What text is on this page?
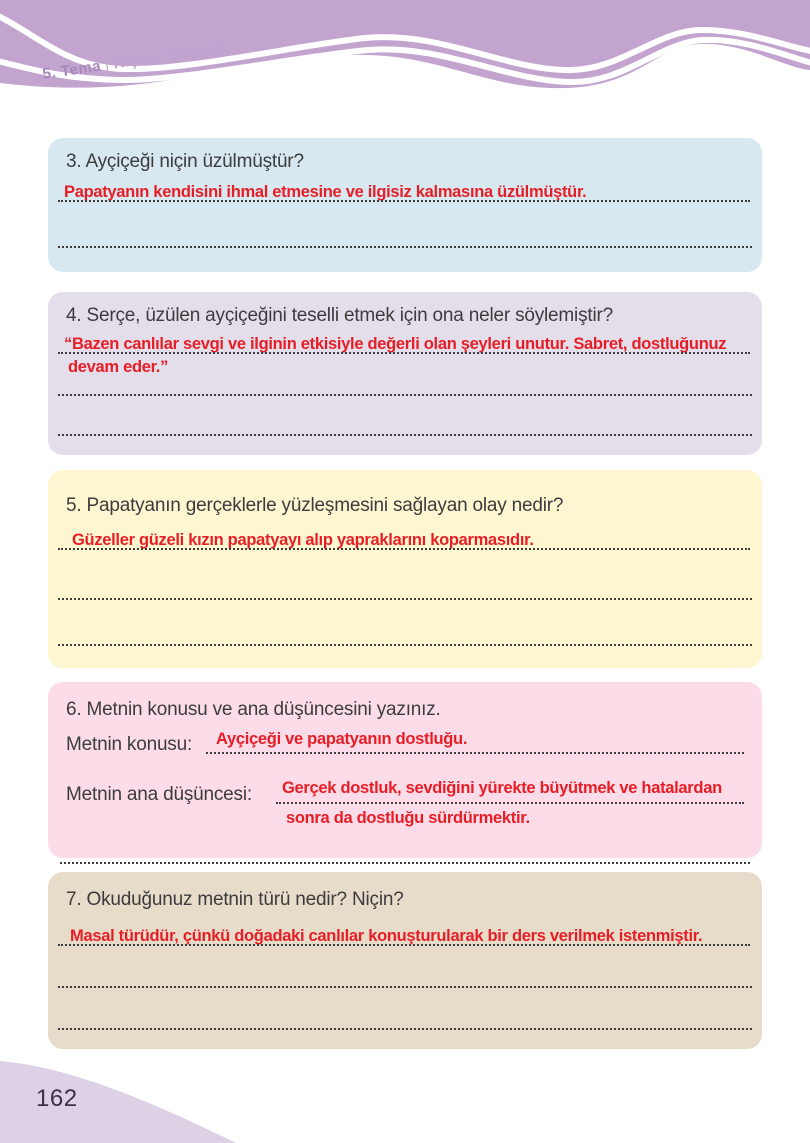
5. Tema|Kişisel Gelişim
3. Ayçiçeği niçin üzülmüştür?
Papatyanın kendisini ihmal etmesine ve ilgisiz kalmasına üzülmüştür.
4. Serçe, üzülen ayçiçeğini teselli etmek için ona neler söylemiştir?
“Bazen canlılar sevgi ve ilginin etkisiyle değerli olan şeyleri unutur. Sabret, dostluğunuz
devam eder.”
5. Papatyanın gerçeklerle yüzleşmesini sağlayan olay nedir?
Güzeller güzeli kızın papatyayı alıp yapraklarını koparmasıdır.
6. Metnin konusu ve ana düşüncesini yazınız.
Metnin konusu: Ayçiçeği ve papatyanın dostluğu.
Metnin ana düşüncesi: Gerçek dostluk, sevdiğini yürekte büyütmek ve hatalardan
sonra da dostluğu sürdürmektir.
7. Okuduğunuz metnin türü nedir? Niçin?
Masal türüdür, çünkü doğadaki canlılar konuşturularak bir ders verilmek istenmiştir.
162
